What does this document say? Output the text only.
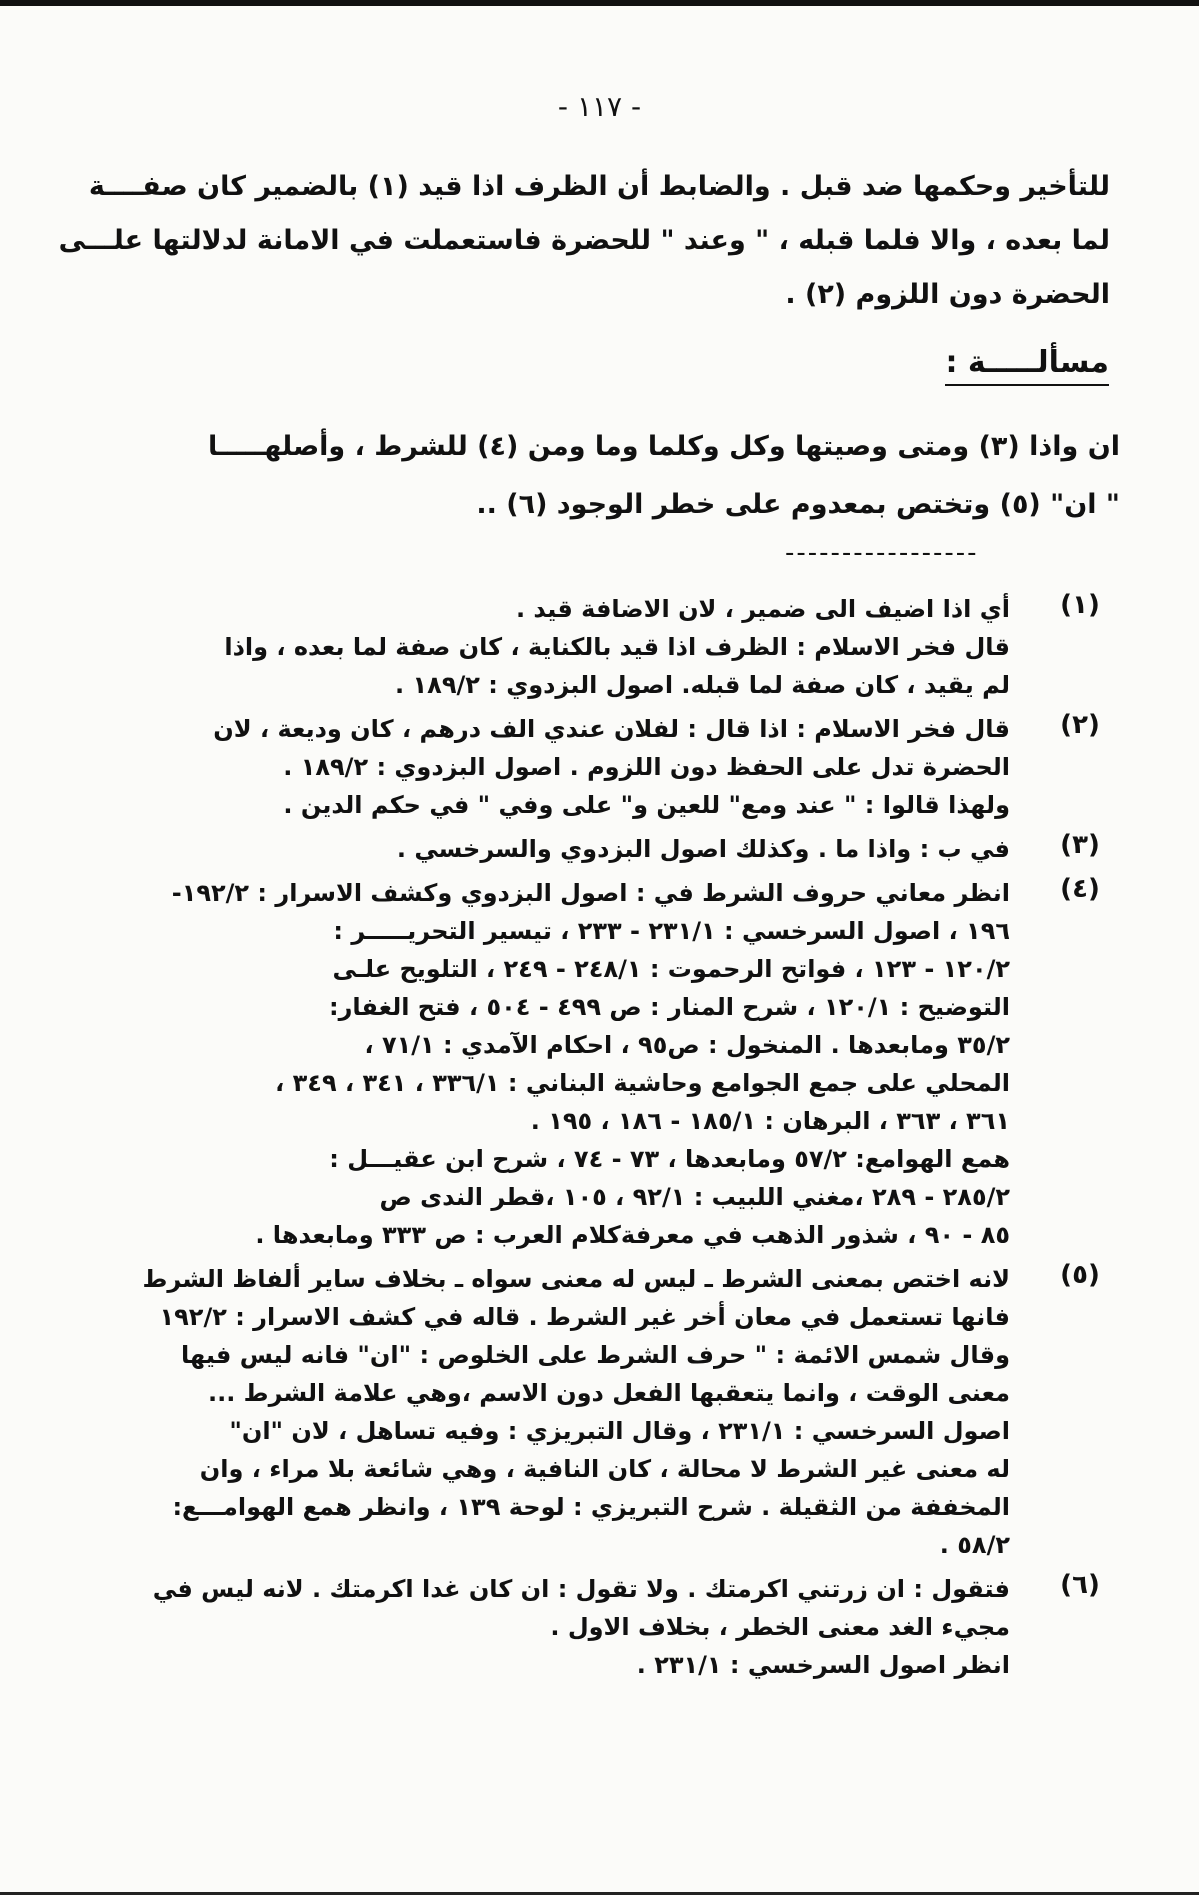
- ١١٧ -
للتأخير وحكمها ضد قبل . والضابط أن الظرف اذا قيد (١) بالضمير كان صفــــة
لما بعده ، والا فلما قبله ، " وعند " للحضرة فاستعملت في الامانة لدلالتها علـــى
الحضرة دون اللزوم (٢) .
مسألـــــة :
ان واذا (٣) ومتى وصيتها وكل وكلما وما ومن (٤) للشرط ، وأصلهـــــا
" ان" (٥) وتختص بمعدوم على خطر الوجود (٦) ..
-----------------
(١)
أي اذا اضيف الى ضمير ، لان الاضافة قيد .
قال فخر الاسلام : الظرف اذا قيد بالكناية ، كان صفة لما بعده ، واذا
لم يقيد ، كان صفة لما قبله. اصول البزدوي : ١٨٩/٢ .
(٢)
قال فخر الاسلام : اذا قال : لفلان عندي الف درهم ، كان وديعة ، لان
الحضرة تدل على الحفظ دون اللزوم . اصول البزدوي : ١٨٩/٢ .
ولهذا قالوا : " عند ومع" للعين و" على وفي " في حكم الدين .
(٣)
في ب : واذا ما . وكذلك اصول البزدوي والسرخسي .
(٤)
انظر معاني حروف الشرط في : اصول البزدوي وكشف الاسرار : ١٩٢/٢-
١٩٦ ، اصول السرخسي : ٢٣١/١ - ٢٣٣ ، تيسير التحريـــــر :
١٢٠/٢ - ١٢٣ ، فواتح الرحموت : ٢٤٨/١ - ٢٤٩ ، التلويح علـى
التوضيح : ١٢٠/١ ، شرح المنار : ص ٤٩٩ - ٥٠٤ ، فتح الغفار:
٣٥/٢ ومابعدها . المنخول : ص٩٥ ، احكام الآمدي : ٧١/١ ،
المحلي على جمع الجوامع وحاشية البناني : ٣٣٦/١ ، ٣٤١ ، ٣٤٩ ،
٣٦١ ، ٣٦٣ ، البرهان : ١٨٥/١ - ١٨٦ ، ١٩٥ .
همع الهوامع: ٥٧/٢ ومابعدها ، ٧٣ - ٧٤ ، شرح ابن عقيـــل :
٢٨٥/٢ - ٢٨٩ ،مغني اللبيب : ٩٢/١ ، ١٠٥ ،قطر الندى ص
٨٥ - ٩٠ ، شذور الذهب في معرفةكلام العرب : ص ٣٣٣ ومابعدها .
(٥)
لانه اختص بمعنى الشرط ـ ليس له معنى سواه ـ بخلاف ساير ألفاظ الشرط
فانها تستعمل في معان أخر غير الشرط . قاله في كشف الاسرار : ١٩٢/٢
وقال شمس الائمة : " حرف الشرط على الخلوص : "ان" فانه ليس فيها
معنى الوقت ، وانما يتعقبها الفعل دون الاسم ،وهي علامة الشرط ...
اصول السرخسي : ٢٣١/١ ، وقال التبريزي : وفيه تساهل ، لان "ان"
له معنى غير الشرط لا محالة ، كان النافية ، وهي شائعة بلا مراء ، وان
المخففة من الثقيلة . شرح التبريزي : لوحة ١٣٩ ، وانظر همع الهوامـــع:
٥٨/٢ .
(٦)
فتقول : ان زرتني اكرمتك . ولا تقول : ان كان غدا اكرمتك . لانه ليس في
مجيء الغد معنى الخطر ، بخلاف الاول .
انظر اصول السرخسي : ٢٣١/١ .
